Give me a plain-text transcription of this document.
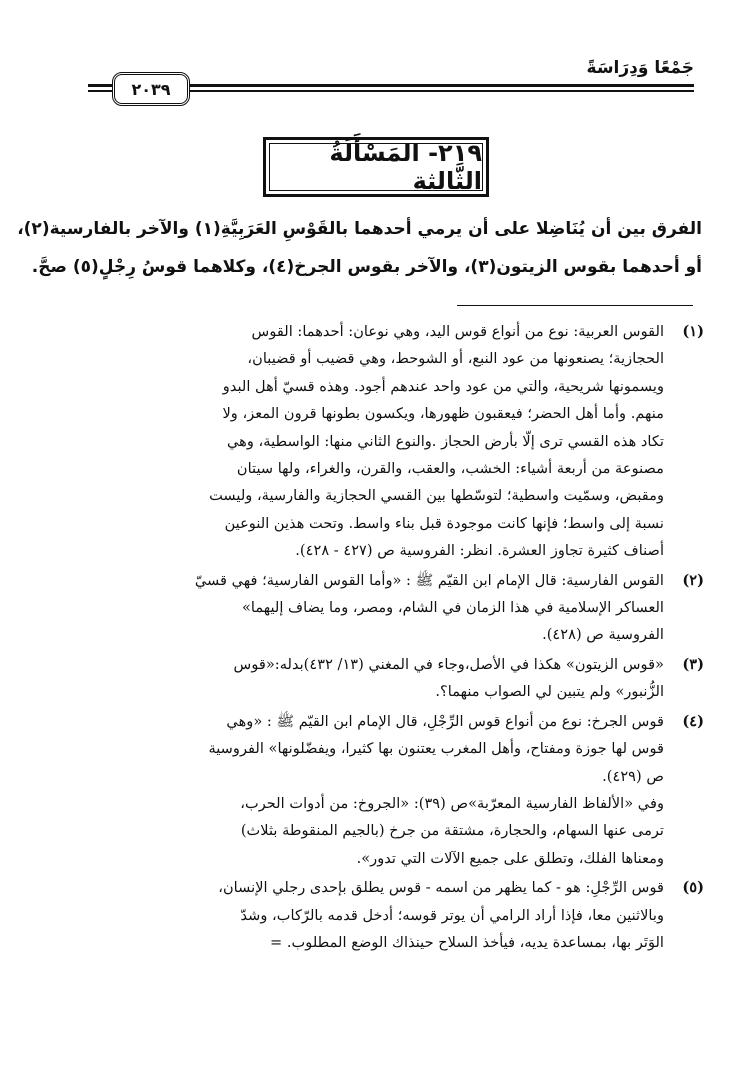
جَمْعًا وَدِرَاسَةً
٢٠٣٩
٢١٩- المَسْأَلَةُ الثَّالثة
الفرق بين أن يُنَاضِلا على أن يرمي أحدهما بالقَوْسِ العَرَبِيَّةِ(١) والآخر بالفارسية(٢)،
أو أحدهما بقوس الزيتون(٣)، والآخر بقوس الجرخ(٤)، وكلاهما قوسُ رِجْلٍ(٥) صحَّ.
(١)
القوس العربية: نوع من أنواع قوس اليد، وهي نوعان: أحدهما: القوس
الحجازية؛ يصنعونها من عود النبع، أو الشوحط، وهي قضيب أو قضيبان،
ويسمونها شريحية، والتي من عود واحد عندهم أجود. وهذه قسيّ أهل البدو
منهم. وأما أهل الحضر؛ فيعقبون ظهورها، ويكسون بطونها قرون المعز، ولا
تكاد هذه القسي ترى إلّا بأرض الحجاز .والنوع الثاني منها: الواسطية، وهي
مصنوعة من أربعة أشياء: الخشب، والعقب، والقرن، والغراء، ولها سيتان
ومقبض، وسمّيت واسطية؛ لتوسّطها بين القسي الحجازية والفارسية، وليست
نسبة إلى واسط؛ فإنها كانت موجودة قبل بناء واسط. وتحت هذين النوعين
أصناف كثيرة تجاوز العشرة. انظر: الفروسية ص (٤٢٧ - ٤٢٨).
(٢)
القوس الفارسية: قال الإمام ابن القيّم ﷺ : «وأما القوس الفارسية؛ فهي قسيّ
العساكر الإسلامية في هذا الزمان في الشام، ومصر، وما يضاف إليهما»
الفروسية ص (٤٢٨).
(٣)
«قوس الزيتون» هكذا في الأصل،وجاء في المغني (١٣/ ٤٣٢)بدله:«قوس
الزُّنبور» ولم يتبين لي الصواب منهما؟.
(٤)
قوس الجرخ: نوع من أنواع قوس الرِّجْلِ، قال الإمام ابن القيّم ﷺ : «وهي
قوس لها جوزة ومفتاح، وأهل المغرب يعتنون بها كثيرا، ويفضّلونها» الفروسية
ص (٤٢٩).
وفي «الألفاظ الفارسية المعرّبة»ص (٣٩): «الجروخ: من أدوات الحرب،
ترمى عنها السهام، والحجارة، مشتقة من جرخ (بالجيم المنقوطة بثلاث)
ومعناها الفلك، وتطلق على جميع الآلات التي تدور».
(٥)
قوس الرِّجْلِ: هو - كما يظهر من اسمه - قوس يطلق بإحدى رجلي الإنسان،
وبالاثنين معا، فإذا أراد الرامي أن يوتر قوسه؛ أدخل قدمه بالرّكاب، وشدّ
الوَتَر بها، بمساعدة يديه، فيأخذ السلاح حينذاك الوضع المطلوب. =
